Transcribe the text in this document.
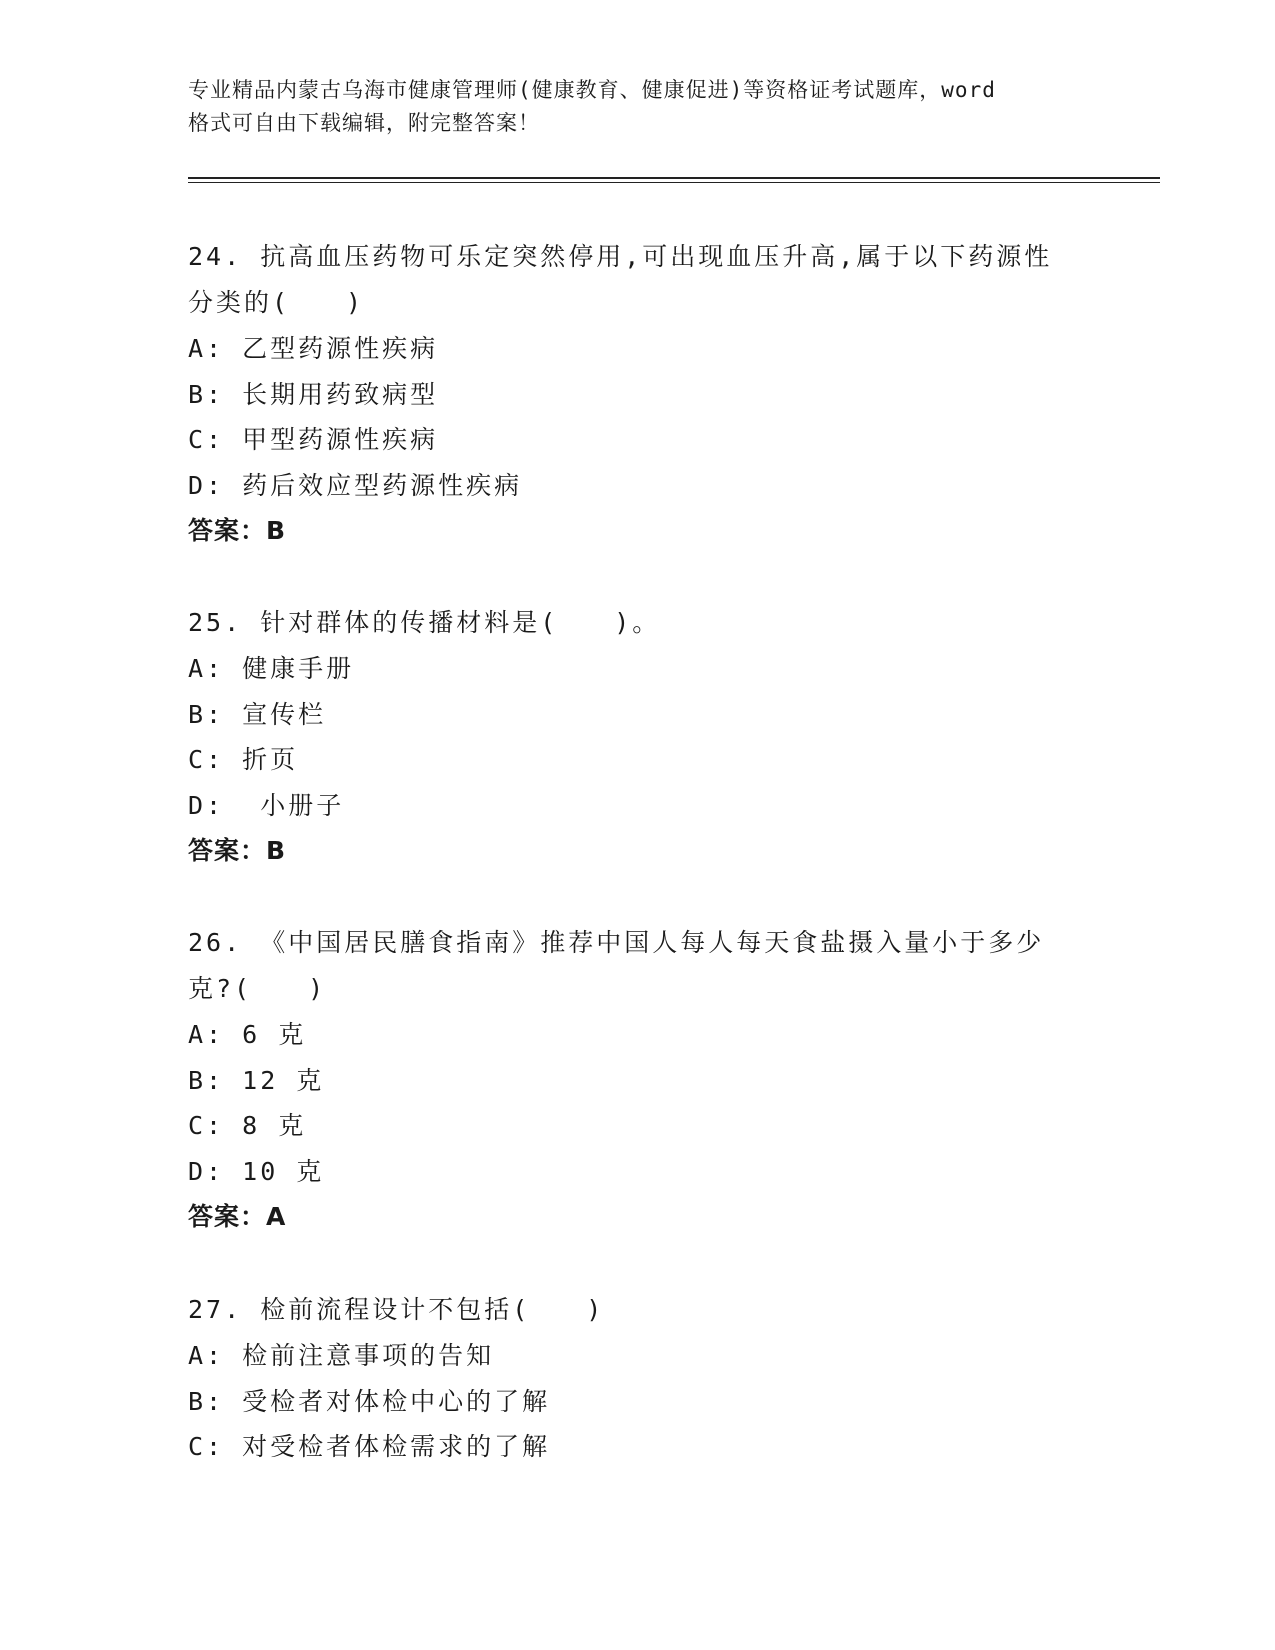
专业精品内蒙古乌海市健康管理师(健康教育、健康促进)等资格证考试题库，word
格式可自由下载编辑，附完整答案！

24. 抗高血压药物可乐定突然停用,可出现血压升高,属于以下药源性

分类的(　　)

A: 乙型药源性疾病

B: 长期用药致病型

C: 甲型药源性疾病

D: 药后效应型药源性疾病

答案：B

25. 针对群体的传播材料是(　　)。

A: 健康手册

B: 宣传栏

C: 折页

D:  小册子

答案：B

26. 《中国居民膳食指南》推荐中国人每人每天食盐摄入量小于多少

克?(　　)

A: 6 克

B: 12 克

C: 8 克

D: 10 克

答案：A

27. 检前流程设计不包括(　　)

A: 检前注意事项的告知

B: 受检者对体检中心的了解

C: 对受检者体检需求的了解
